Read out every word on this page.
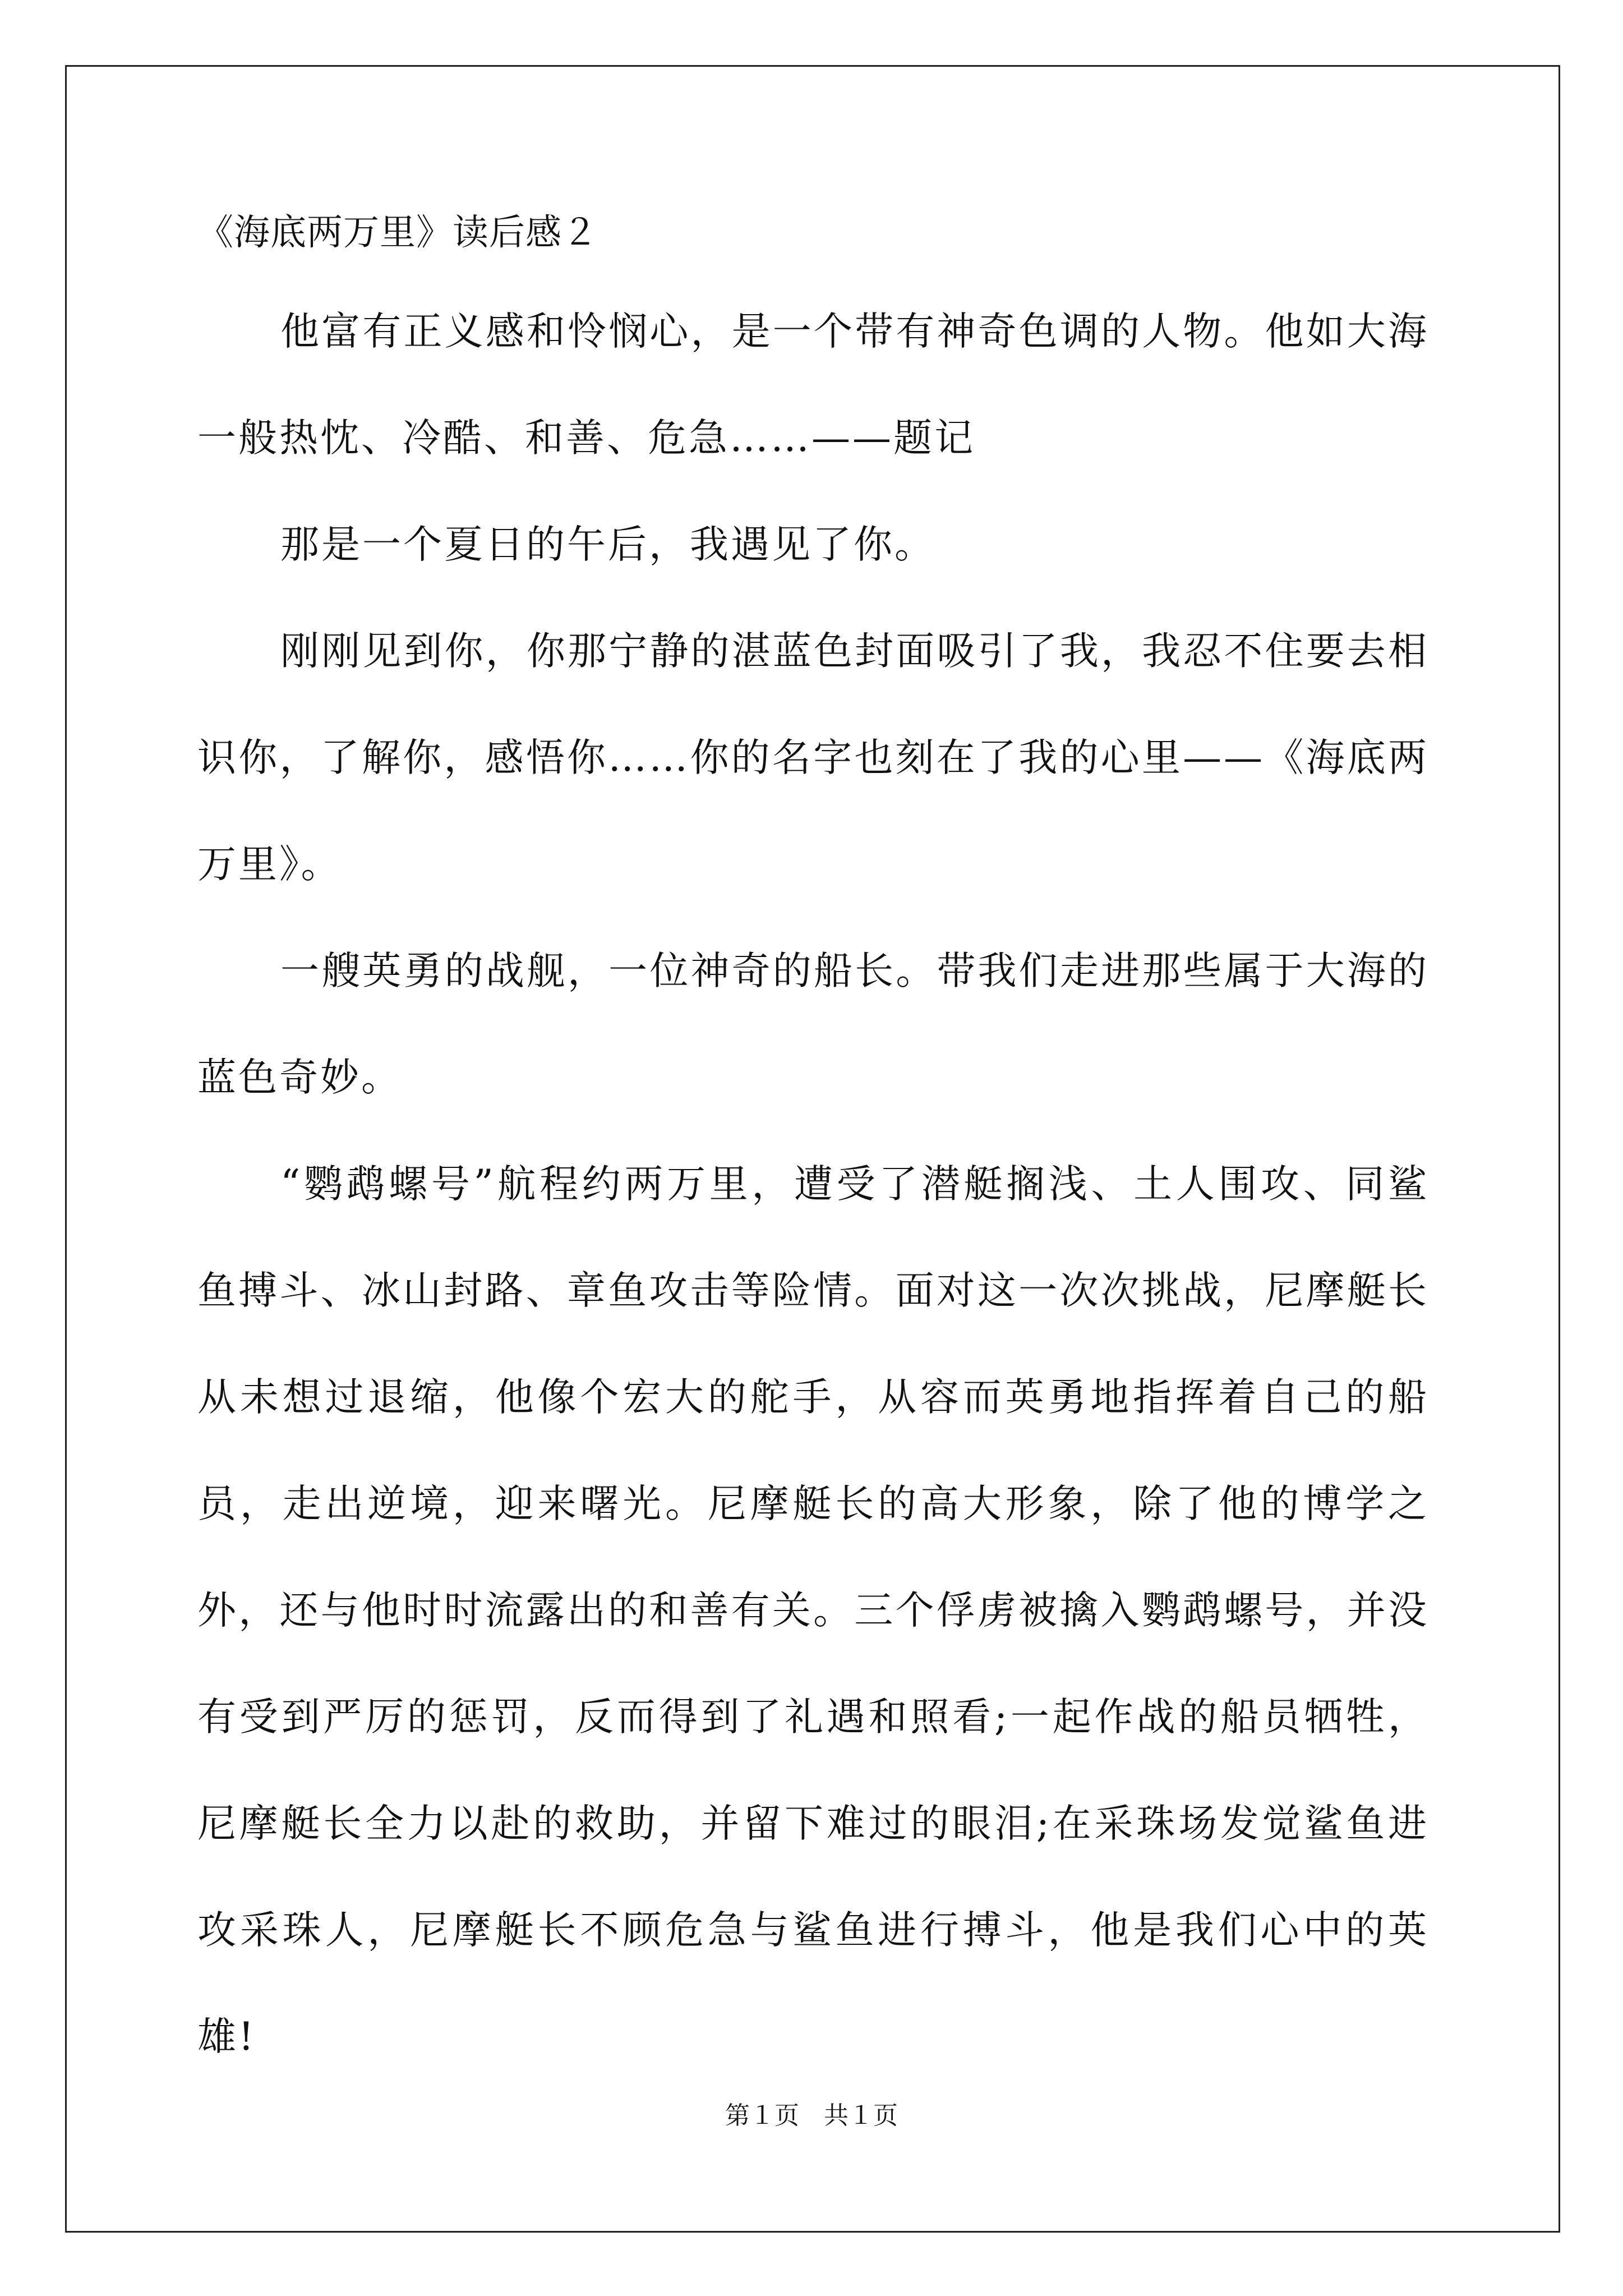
《海底两万里》读后感２

他富有正义感和怜悯心，是一个带有神奇色调的人物。他如大海一般热忱、冷酷、和善、危急……——题记

那是一个夏日的午后，我遇见了你。

刚刚见到你，你那宁静的湛蓝色封面吸引了我，我忍不住要去相识你，了解你，感悟你……你的名字也刻在了我的心里——《海底两万里》。

一艘英勇的战舰，一位神奇的船长。带我们走进那些属于大海的蓝色奇妙。

“鹦鹉螺号”航程约两万里，遭受了潜艇搁浅、土人围攻、同鲨鱼搏斗、冰山封路、章鱼攻击等险情。面对这一次次挑战，尼摩艇长从未想过退缩，他像个宏大的舵手，从容而英勇地指挥着自己的船员，走出逆境，迎来曙光。尼摩艇长的高大形象，除了他的博学之外，还与他时时流露出的和善有关。三个俘虏被擒入鹦鹉螺号，并没有受到严厉的惩罚，反而得到了礼遇和照看;一起作战的船员牺牲，尼摩艇长全力以赴的救助，并留下难过的眼泪;在采珠场发觉鲨鱼进攻采珠人，尼摩艇长不顾危急与鲨鱼进行搏斗，他是我们心中的英雄!

第１页　共１页
